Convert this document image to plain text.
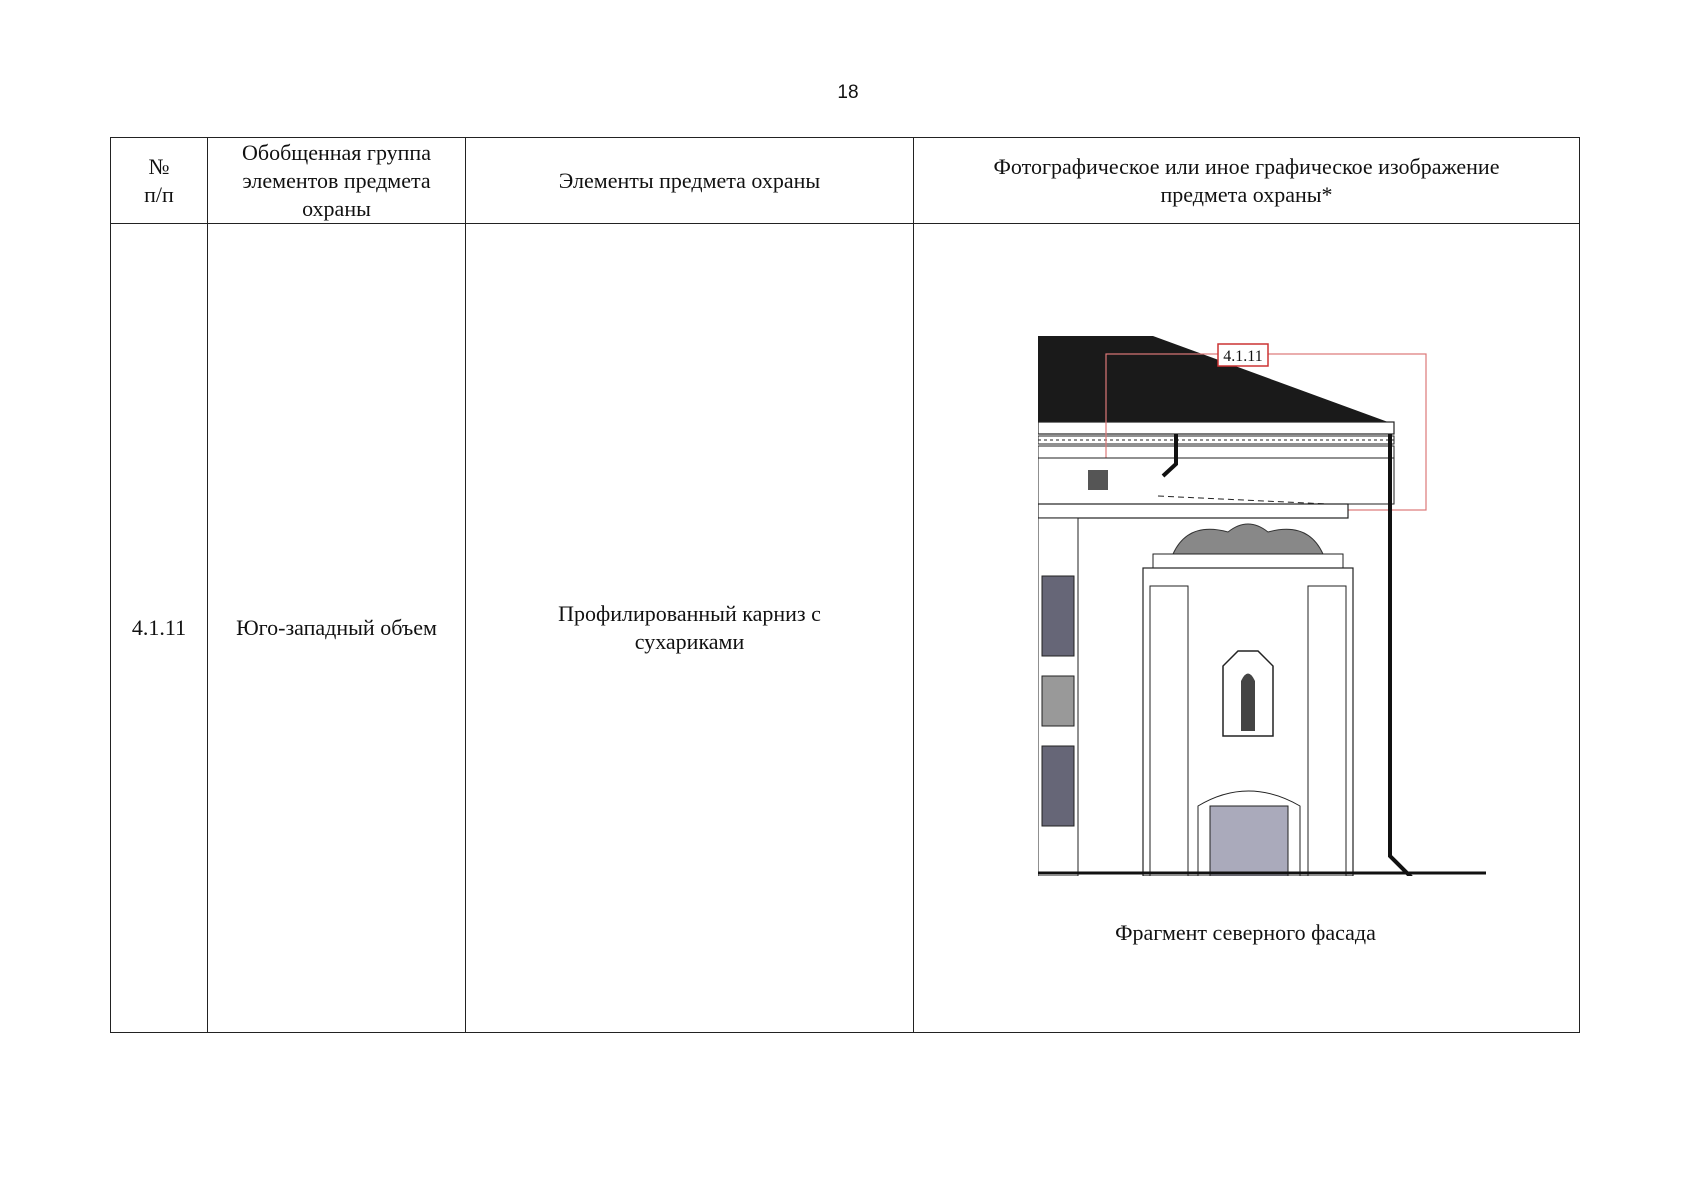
18
№
п/п
Обобщенная группа элементов предмета охраны
Элементы предмета охраны
Фотографическое или иное графическое изображение предмета охраны*
4.1.11 Юго-западный объем
Профилированный карниз с сухариками
4.1.11
Фрагмент северного фасада
